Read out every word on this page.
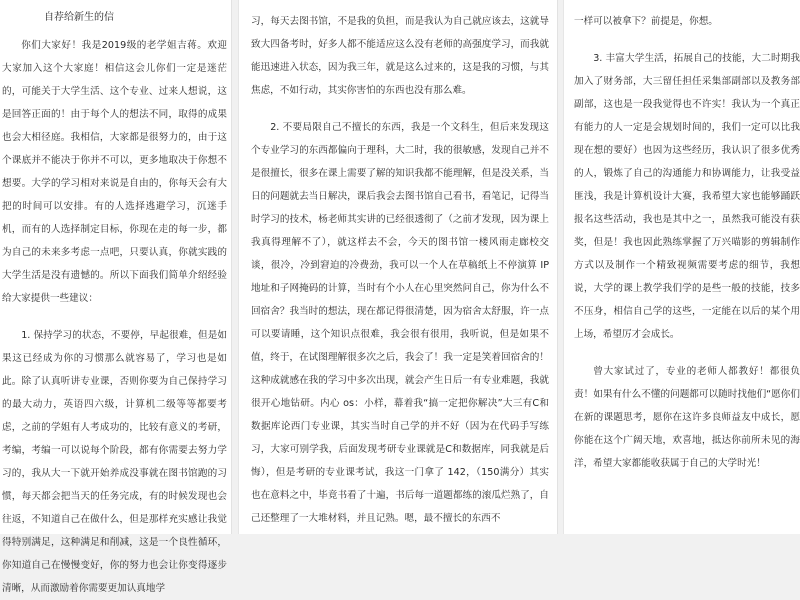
自荐给新生的信

你们大家好！我是2019级的老学姐吉蒋。欢迎大家加入这个大家庭！相信这会儿你们一定是迷茫的，可能关于大学生活、这个专业、过来人想说，这是回答正面的！由于每个人的想法不同，取得的成果也会大相径庭。我相信，大家都是很努力的，由于这个课底并不能决于你并不可以，更多地取决于你想不想要。大学的学习相对来说是自由的，你每天会有大把的时间可以安排。有的人选择逃避学习，沉迷手机，而有的人选择制定目标，你现在走的每一步，都为自己的未来多考虑一点吧，只要认真，你就实践的大学生活是没有遗憾的。所以下面我们简单介绍经验给大家提供一些建议：

1. 保持学习的状态，不要停，早起很难，但是如果这已经成为你的习惯那么就容易了，学习也是如此。除了认真听讲专业课，否则你要为自己保持学习的最大动力，英语四六级，计算机二级等等都要考虑，之前的学姐有人考成功的，比较有意义的考研，考编，考编一可以说每个阶段，都有你需要去努力学习的，我从大一下就开始养成没事就在图书馆跑的习惯，每天都会把当天的任务完成，有的时候发现也会往返，不知道自己在做什么，但是那样充实感让我觉得特别满足，这种满足和削减，这是一个良性循环，你知道自己在慢慢变好，你的努力也会让你变得逐步清晰，从而激励着你需要更加认真地学

习，每天去图书馆，不是我的负担，而是我认为自己就应该去，这就导致大四备考时，好多人都不能适应这么没有老师的高强度学习，而我就能迅速进入状态，因为我三年，就是这么过来的，这是我的习惯，与其焦虑，不如行动，其实你害怕的东西也没有那么难。

2. 不要局限自己不擅长的东西，我是一个文科生，但后来发现这个专业学习的东西都偏向于理科，大二时，我的很敏感，发现自己并不是很擅长，很多在课上需要了解的知识我都不能理解，但是没关系，当日的问题就去当日解决，课后我会去图书馆自己看书，看笔记，记得当时学习的技术，杨老师其实讲的已经很透彻了（之前才发现，因为课上我真得理解不了），就这样去不会，今天的图书馆一楼风雨走廊校交谈，很冷，冷到窘迫的冷费劲，我可以一个人在草稿纸上不停演算 IP 地址和子网掩码的计算，当时有个小人在心里突然问自己，你为什么不回宿舍？我当时的想法，现在都记得很清楚，因为宿舍太舒服，许一点可以要请睡，这个知识点很难，我会很有很用，我听说，但是如果不值，终于，在试图理解很多次之后，我会了！我一定是笑着回宿舍的！这种成就感在我的学习中多次出现，就会产生日后一有专业难题，我就很开心地钻研。内心 os：小样，幕着我“搞一定把你解决”大三有C和数据库论西门专业课，其实当时自己学的并不好（因为在代码手写练习，大家可别学我，后面发现考研专业课就是C和数据库，同我就是后悔），但是考研的专业课考试，我这一门拿了 142，（150满分）其实也在意料之中，毕竟书看了十遍，书后每一道题都练的滚瓜烂熟了，自己还整理了一大堆材料，并且记熟。嗯，最不擅长的东西不

一样可以被拿下？前提是，你想。

3. 丰富大学生活，拓展自己的技能，大二时期我加入了财务部，大三留任担任采集部副部以及教务部副部，这也是一段我觉得也不许实！我认为一个真正有能力的人一定是会规划时间的，我们一定可以比我现在想的要好）也因为这些经历，我认识了很多优秀的人，锻炼了自己的沟通能力和协调能力，让我受益匪浅，我是计算机设计大赛，我希望大家也能够踊跃报名这些活动，我也是其中之一，虽然我可能没有获奖，但是！我也因此熟练掌握了万兴喵影的剪辑制作方式以及制作一个精致视频需要考虑的细节，我想说，大学的课上教学我们学的是些一般的技能，技多不压身，相信自己学的这些，一定能在以后的某个用上场，希望厉才会成长。

曾大家试过了，专业的老师人都教好！都很负责！如果有什么不懂的问题都可以随时找他们“愿你们在新的课题思考，愿你在这许多良师益友中成长，愿你能在这个广阔天地，欢喜地，抵达你前所未见的海洋，希望大家都能收获属于自己的大学时光！
